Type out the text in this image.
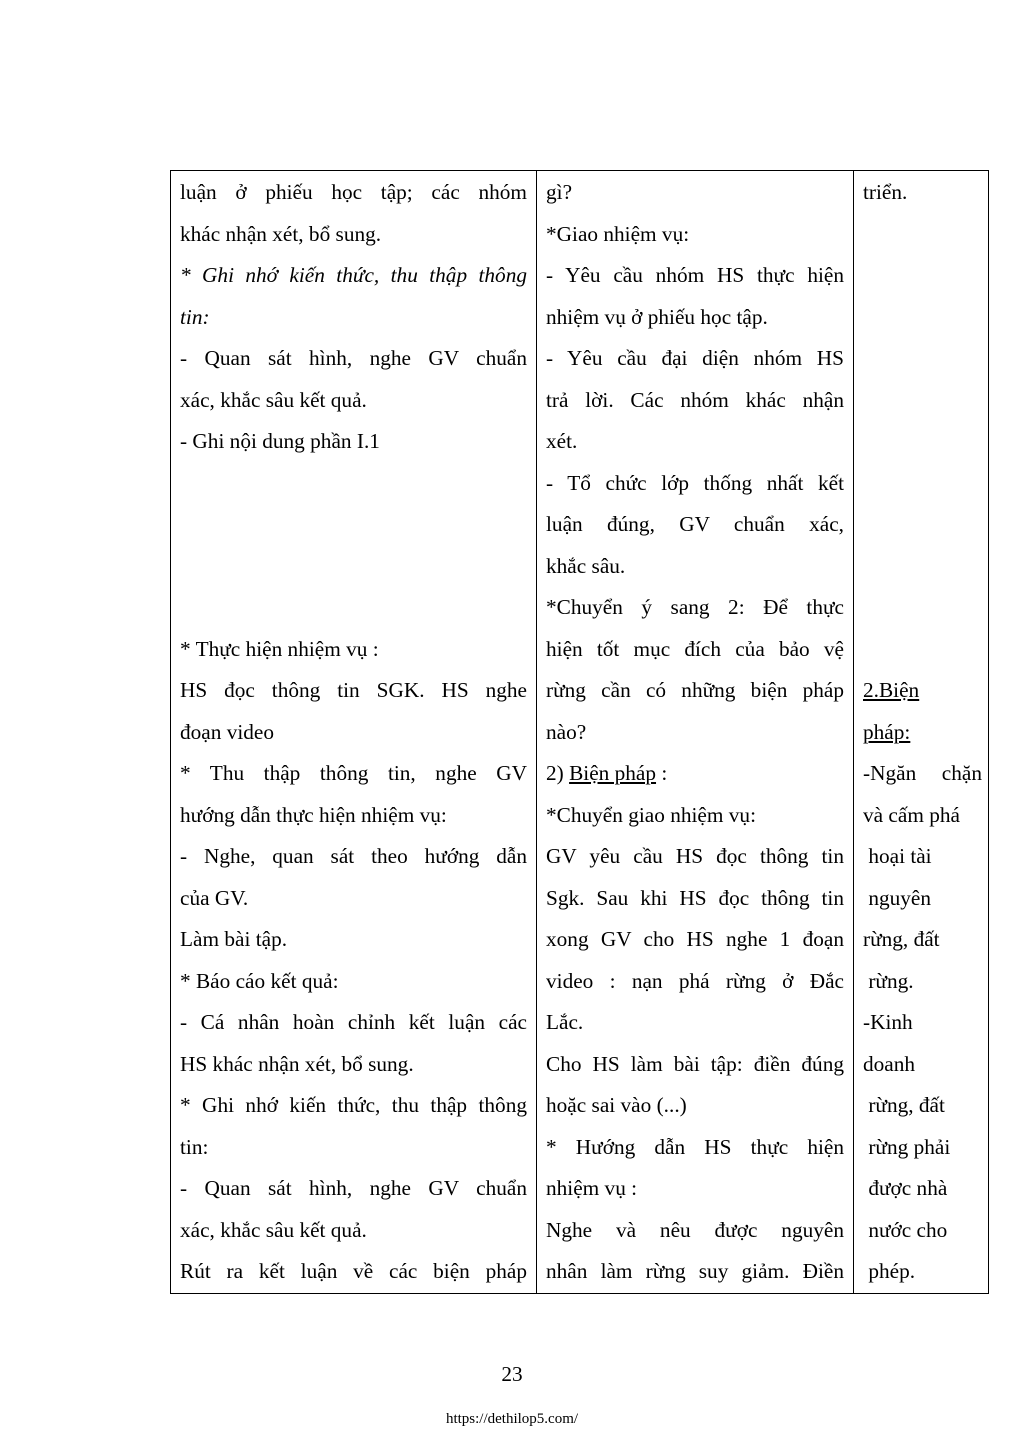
luận ở phiếu học tập; các nhóm
khác nhận xét, bổ sung.
* Ghi nhớ kiến thức, thu thập thông
tin:
- Quan sát hình, nghe GV chuẩn
xác, khắc sâu kết quả.
- Ghi nội dung phần I.1
* Thực hiện nhiệm vụ :
HS đọc thông tin SGK. HS nghe
đoạn video
* Thu thập thông tin, nghe GV
hướng dẫn thực hiện nhiệm vụ:
- Nghe, quan sát theo hướng dẫn
của GV.
Làm bài tập.
* Báo cáo kết quả:
- Cá nhân hoàn chỉnh kết luận các
HS khác nhận xét, bổ sung.
* Ghi nhớ kiến thức, thu thập thông
tin:
- Quan sát hình, nghe GV chuẩn
xác, khắc sâu kết quả.
Rút ra kết luận về các biện pháp

gì?
*Giao nhiệm vụ:
- Yêu cầu nhóm HS thực hiện
nhiệm vụ ở phiếu học tập.
- Yêu cầu đại diện nhóm HS
trả lời. Các nhóm khác nhận
xét.
- Tổ chức lớp thống nhất kết
luận đúng, GV chuẩn xác,
khắc sâu.
*Chuyển ý sang 2: Để thực
hiện tốt mục đích của bảo vệ
rừng cần có những biện pháp
nào?
2) Biện pháp :
*Chuyển giao nhiệm vụ:
GV yêu cầu HS đọc thông tin
Sgk. Sau khi HS đọc thông tin
xong GV cho HS nghe 1 đoạn
video : nạn phá rừng ở Đắc
Lắc.
Cho HS làm bài tập: điền đúng
hoặc sai vào (...)
* Hướng dẫn HS thực hiện
nhiệm vụ :
Nghe và nêu được nguyên
nhân làm rừng suy giảm. Điền

triển.
2.Biện
pháp:
-Ngăn chặn
và cấm phá
hoại tài
nguyên
rừng, đất
rừng.
-Kinh
doanh
rừng, đất
rừng phải
được nhà
nước cho
phép.
23
https://dethilop5.com/
